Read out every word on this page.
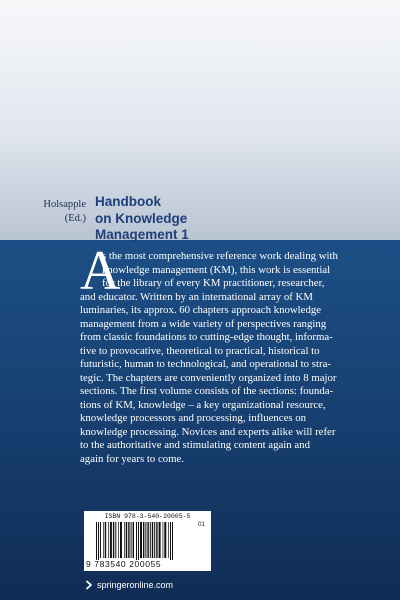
Holsapple
(Ed.)
Handbook
on Knowledge
Management 1
A
s the most comprehensive reference work dealing with
knowledge management (KM), this work is essential
for the library of every KM practitioner, researcher,
and educator. Written by an international array of KM
luminaries, its approx. 60 chapters approach knowledge
management from a wide variety of perspectives ranging
from classic foundations to cutting-edge thought, informa-
tive to provocative, theoretical to practical, historical to
futuristic, human to technological, and operational to stra-
tegic. The chapters are conveniently organized into 8 major
sections. The first volume consists of the sections: founda-
tions of KM, knowledge – a key organizational resource,
knowledge processors and processing, influences on
knowledge processing. Novices and experts alike will refer
to the authoritative and stimulating content again and
again for years to come.
ISBN 978-3-540-20005-5
01
9 783540 200055
springeronline.com
